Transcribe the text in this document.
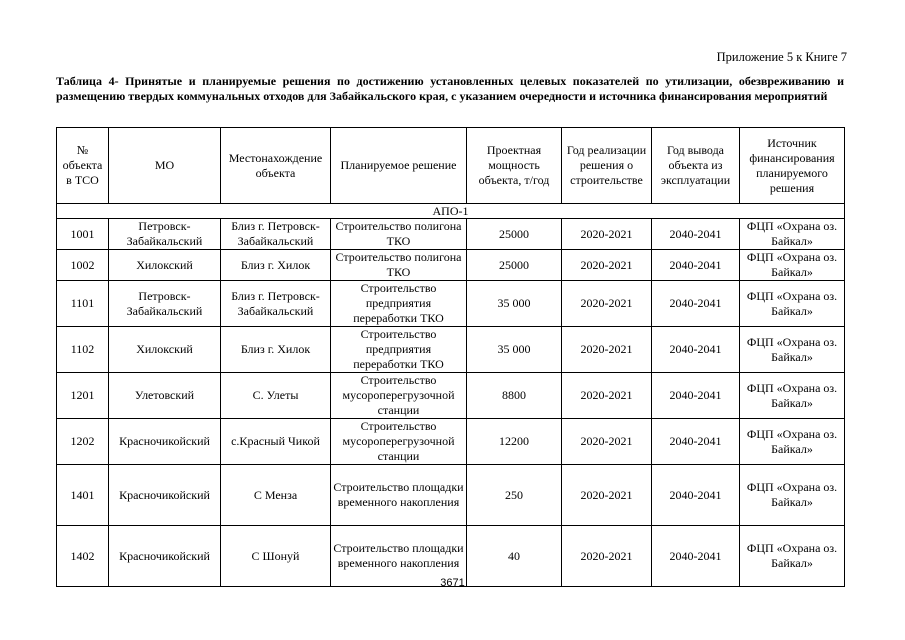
Приложение 5 к Книге 7
Таблица 4- Принятые и планируемые решения по достижению установленных целевых показателей по утилизации, обезвреживанию и размещению твердых коммунальных отходов для Забайкальского края, с указанием очередности и источника финансирования мероприятий
№ объекта в ТСО	МО	Местонахождение объекта	Планируемое решение	Проектная мощность объекта, т/год	Год реализации решения о строительстве	Год вывода объекта из эксплуатации	Источник финансирования планируемого решения
АПО-1							
1001	Петровск-Забайкальский	Близ г. Петровск-Забайкальский	Строительство полигона ТКО	25000	2020-2021	2040-2041	ФЦП «Охрана оз. Байкал»
1002	Хилокский	Близ г. Хилок	Строительство полигона ТКО	25000	2020-2021	2040-2041	ФЦП «Охрана оз. Байкал»
1101	Петровск-Забайкальский	Близ г. Петровск-Забайкальский	Строительство предприятия переработки ТКО	35 000	2020-2021	2040-2041	ФЦП «Охрана оз. Байкал»
1102	Хилокский	Близ г. Хилок	Строительство предприятия переработки ТКО	35 000	2020-2021	2040-2041	ФЦП «Охрана оз. Байкал»
1201	Улетовский	С. Улеты	Строительство мусороперегрузочной станции	8800	2020-2021	2040-2041	ФЦП «Охрана оз. Байкал»
1202	Красночикойский	с.Красный Чикой	Строительство мусороперегрузочной станции	12200	2020-2021	2040-2041	ФЦП «Охрана оз. Байкал»
1401	Красночикойский	С Менза	Строительство площадки временного накопления	250	2020-2021	2040-2041	ФЦП «Охрана оз. Байкал»
1402	Красночикойский	С Шонуй	Строительство площадки временного накопления	40	2020-2021	2040-2041	ФЦП «Охрана оз. Байкал»
3671
